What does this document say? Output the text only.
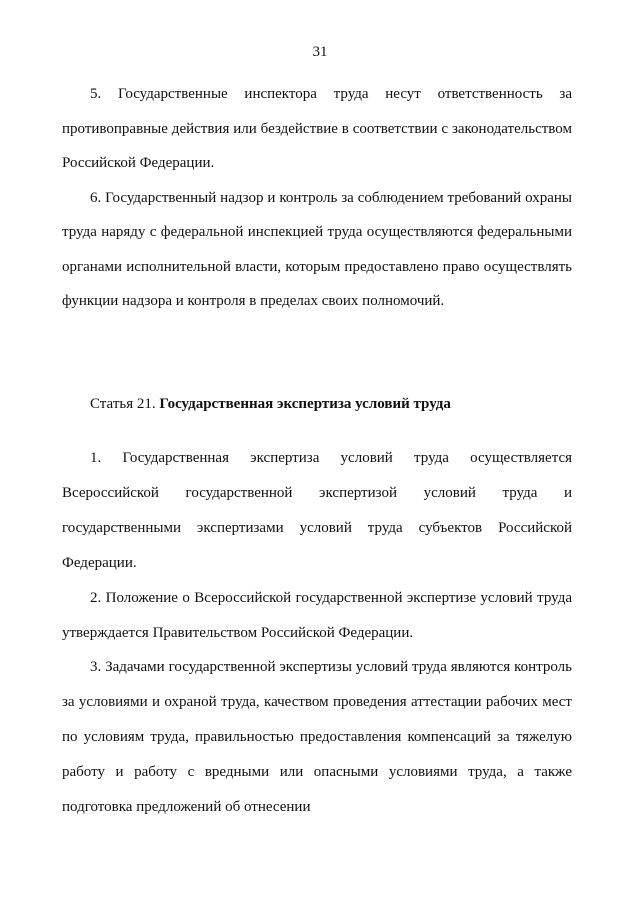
31

5. Государственные инспектора труда несут ответственность за противоправные действия или бездействие в соответствии с законодательством Российской Федерации.

6. Государственный надзор и контроль за соблюдением требований охраны труда наряду с федеральной инспекцией труда осуществляются федеральными органами исполнительной власти, которым предоставлено право осуществлять функции надзора и контроля в пределах своих полномочий.

Статья 21. Государственная экспертиза условий труда

1. Государственная экспертиза условий труда осуществляется Всероссийской государственной экспертизой условий труда и государственными экспертизами условий труда субъектов Российской Федерации.

2. Положение о Всероссийской государственной экспертизе условий труда утверждается Правительством Российской Федерации.

3. Задачами государственной экспертизы условий труда являются контроль за условиями и охраной труда, качеством проведения аттестации рабочих мест по условиям труда, правильностью предоставления компенсаций за тяжелую работу и работу с вредными или опасными условиями труда, а также подготовка предложений об отнесении
